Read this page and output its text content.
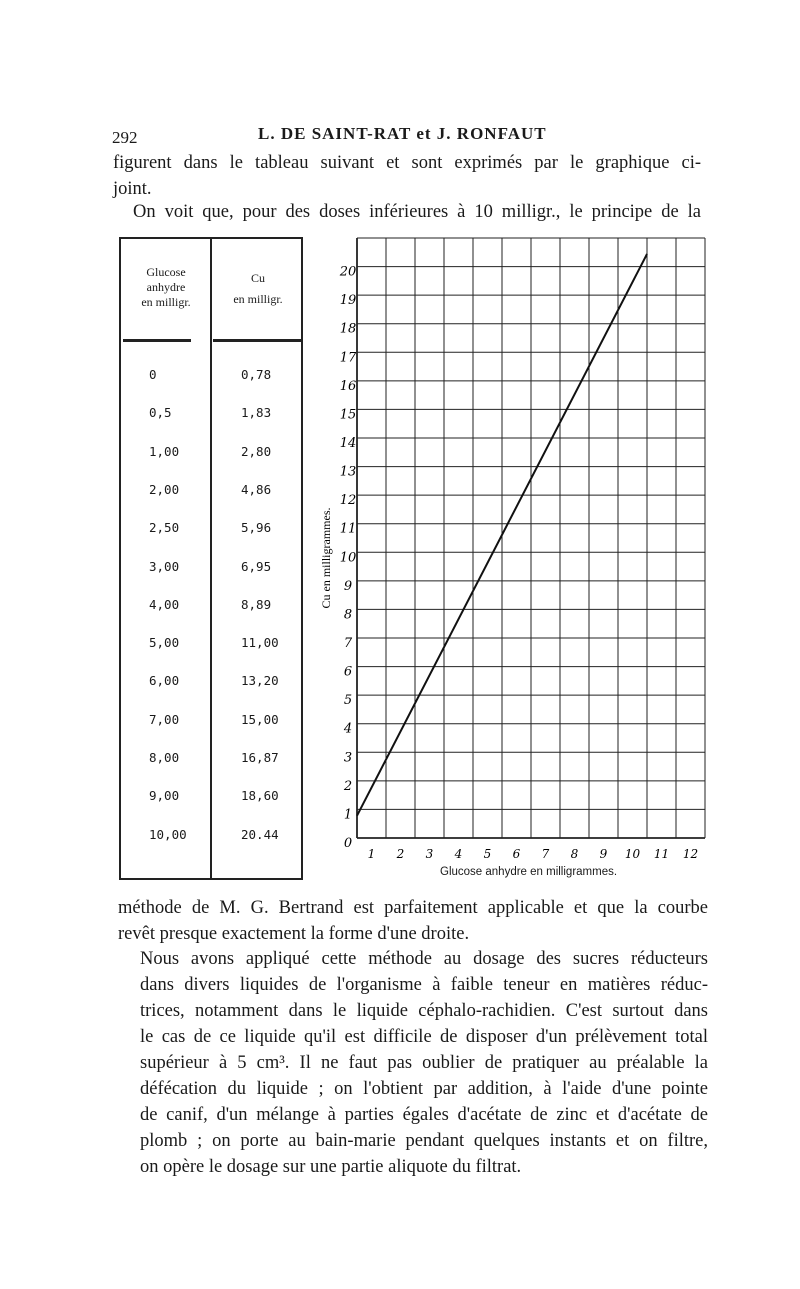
292	L. DE SAINT-RAT et J. RONFAUT
figurent dans le tableau suivant et sont exprimés par le graphique ci-
joint.
On voit que, pour des doses inférieures à 10 milligr., le principe de la
Glucose
anhydre
en milligr.
Cu
en milligr.
0	0,78
0,5	1,83
1,00	2,80
2,00	4,86
2,50	5,96
3,00	6,95
4,00	8,89
5,00	11,00
6,00	13,20
7,00	15,00
8,00	16,87
9,00	18,60
10,00	20.44
1 2 3 4 5 6 7 8 9 10 11 12
0
1
2
3
4
5
6
7
8
9
10
11
12
13
14
15
16
17
18
19
20
Cu en milligrammes.
Glucose anhydre en milligrammes.
méthode de M. G. Bertrand est parfaitement applicable et que la courbe
revêt presque exactement la forme d'une droite.
Nous avons appliqué cette méthode au dosage des sucres réducteurs
dans divers liquides de l'organisme à faible teneur en matières réduc-
trices, notamment dans le liquide céphalo-rachidien. C'est surtout dans
le cas de ce liquide qu'il est difficile de disposer d'un prélèvement total
supérieur à 5 cm³. Il ne faut pas oublier de pratiquer au préalable la
défécation du liquide ; on l'obtient par addition, à l'aide d'une pointe
de canif, d'un mélange à parties égales d'acétate de zinc et d'acétate de
plomb ; on porte au bain-marie pendant quelques instants et on filtre,
on opère le dosage sur une partie aliquote du filtrat.
